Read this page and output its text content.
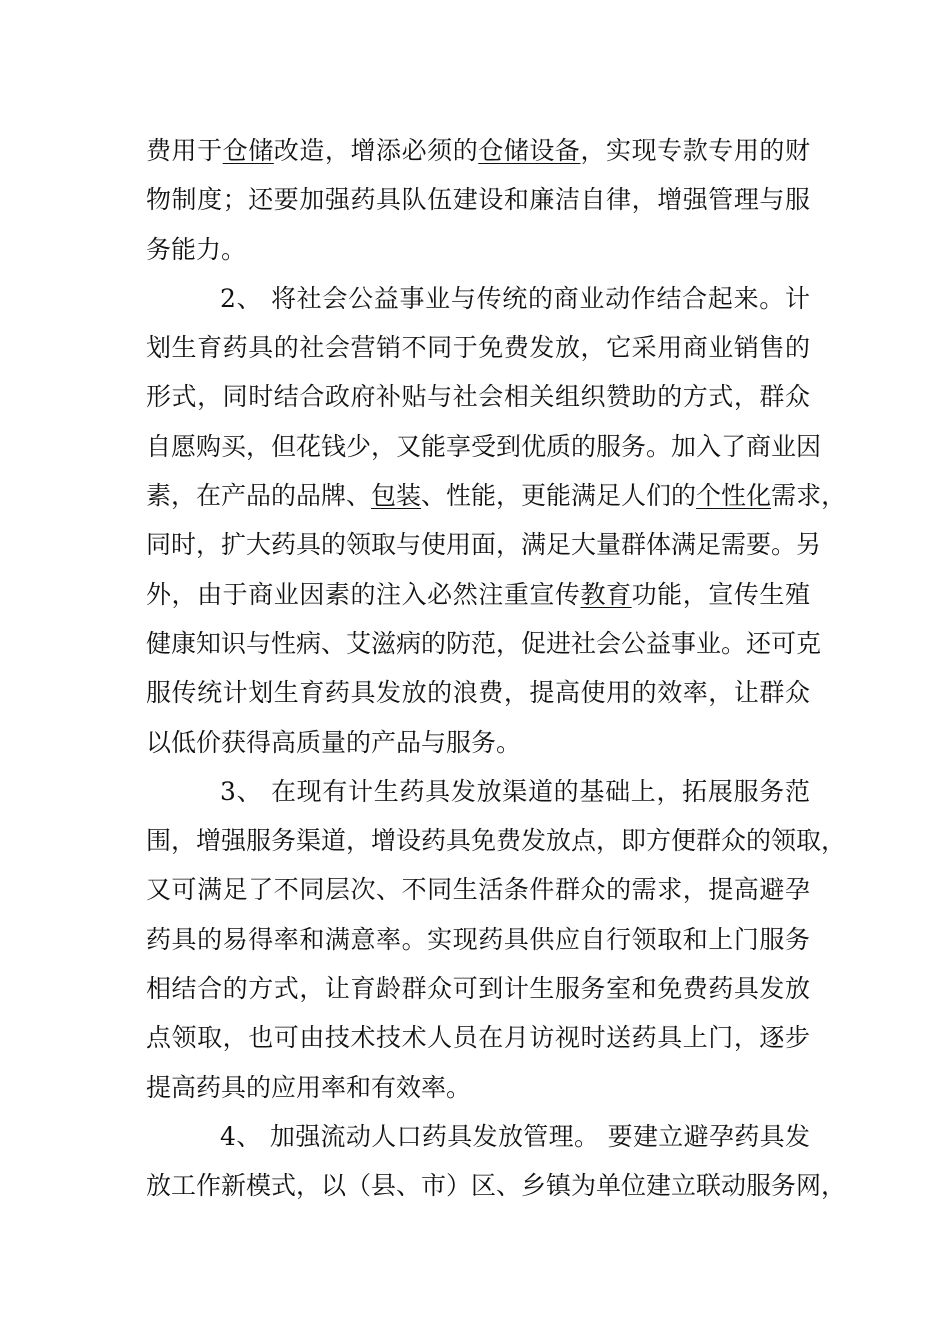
费用于仓储改造，增添必须的仓储设备，实现专款专用的财
物制度；还要加强药具队伍建设和廉洁自律，增强管理与服
务能力。
2、 将社会公益事业与传统的商业动作结合起来。计
划生育药具的社会营销不同于免费发放，它采用商业销售的
形式，同时结合政府补贴与社会相关组织赞助的方式，群众
自愿购买，但花钱少，又能享受到优质的服务。加入了商业因
素，在产品的品牌、包装、性能，更能满足人们的个性化需求，
同时，扩大药具的领取与使用面，满足大量群体满足需要。另
外，由于商业因素的注入必然注重宣传教育功能，宣传生殖
健康知识与性病、艾滋病的防范，促进社会公益事业。还可克
服传统计划生育药具发放的浪费，提高使用的效率，让群众
以低价获得高质量的产品与服务。
3、 在现有计生药具发放渠道的基础上，拓展服务范
围，增强服务渠道，增设药具免费发放点，即方便群众的领取，
又可满足了不同层次、不同生活条件群众的需求，提高避孕
药具的易得率和满意率。实现药具供应自行领取和上门服务
相结合的方式，让育龄群众可到计生服务室和免费药具发放
点领取，也可由技术技术人员在月访视时送药具上门，逐步
提高药具的应用率和有效率。
4、 加强流动人口药具发放管理。 要建立避孕药具发
放工作新模式，以（县、市）区、乡镇为单位建立联动服务网，
